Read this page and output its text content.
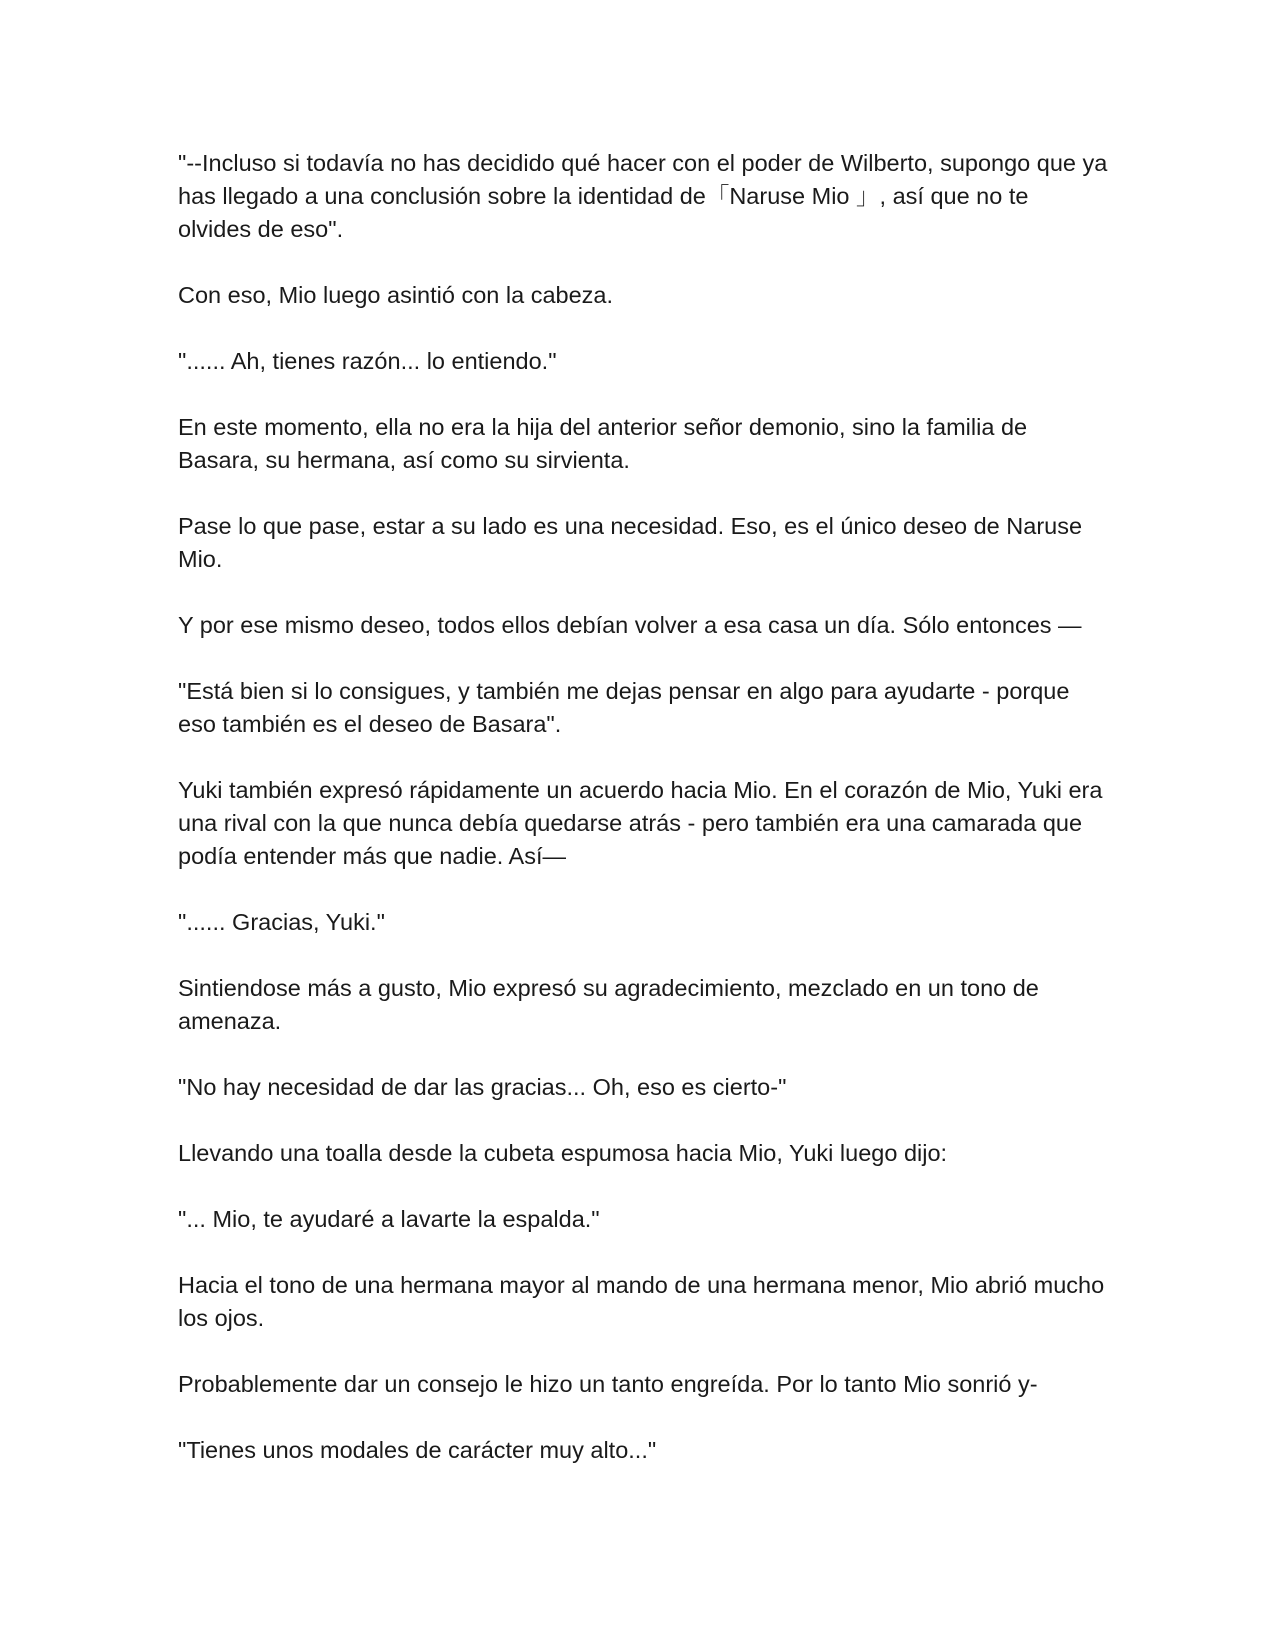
"--Incluso si todavía no has decidido qué hacer con el poder de Wilberto, supongo que ya has llegado a una conclusión sobre la identidad de「Naruse Mio 」, así que no te olvides de eso".

Con eso, Mio luego asintió con la cabeza.

"...... Ah, tienes razón... lo entiendo."

En este momento, ella no era la hija del anterior señor demonio, sino la familia de Basara, su hermana, así como su sirvienta.

Pase lo que pase, estar a su lado es una necesidad. Eso, es el único deseo de Naruse Mio.

Y por ese mismo deseo, todos ellos debían volver a esa casa un día. Sólo entonces —

"Está bien si lo consigues, y también me dejas pensar en algo para ayudarte - porque eso también es el deseo de Basara".

Yuki también expresó rápidamente un acuerdo hacia Mio. En el corazón de Mio, Yuki era una rival con la que nunca debía quedarse atrás - pero también era una camarada que podía entender más que nadie. Así—

"...... Gracias, Yuki."

Sintiendose más a gusto, Mio expresó su agradecimiento, mezclado en un tono de amenaza.

"No hay necesidad de dar las gracias... Oh, eso es cierto-"

Llevando una toalla desde la cubeta espumosa hacia Mio, Yuki luego dijo:

"... Mio, te ayudaré a lavarte la espalda."

Hacia el tono de una hermana mayor al mando de una hermana menor, Mio abrió mucho los ojos.

Probablemente dar un consejo le hizo un tanto engreída. Por lo tanto Mio sonrió y-

"Tienes unos modales de carácter muy alto..."
